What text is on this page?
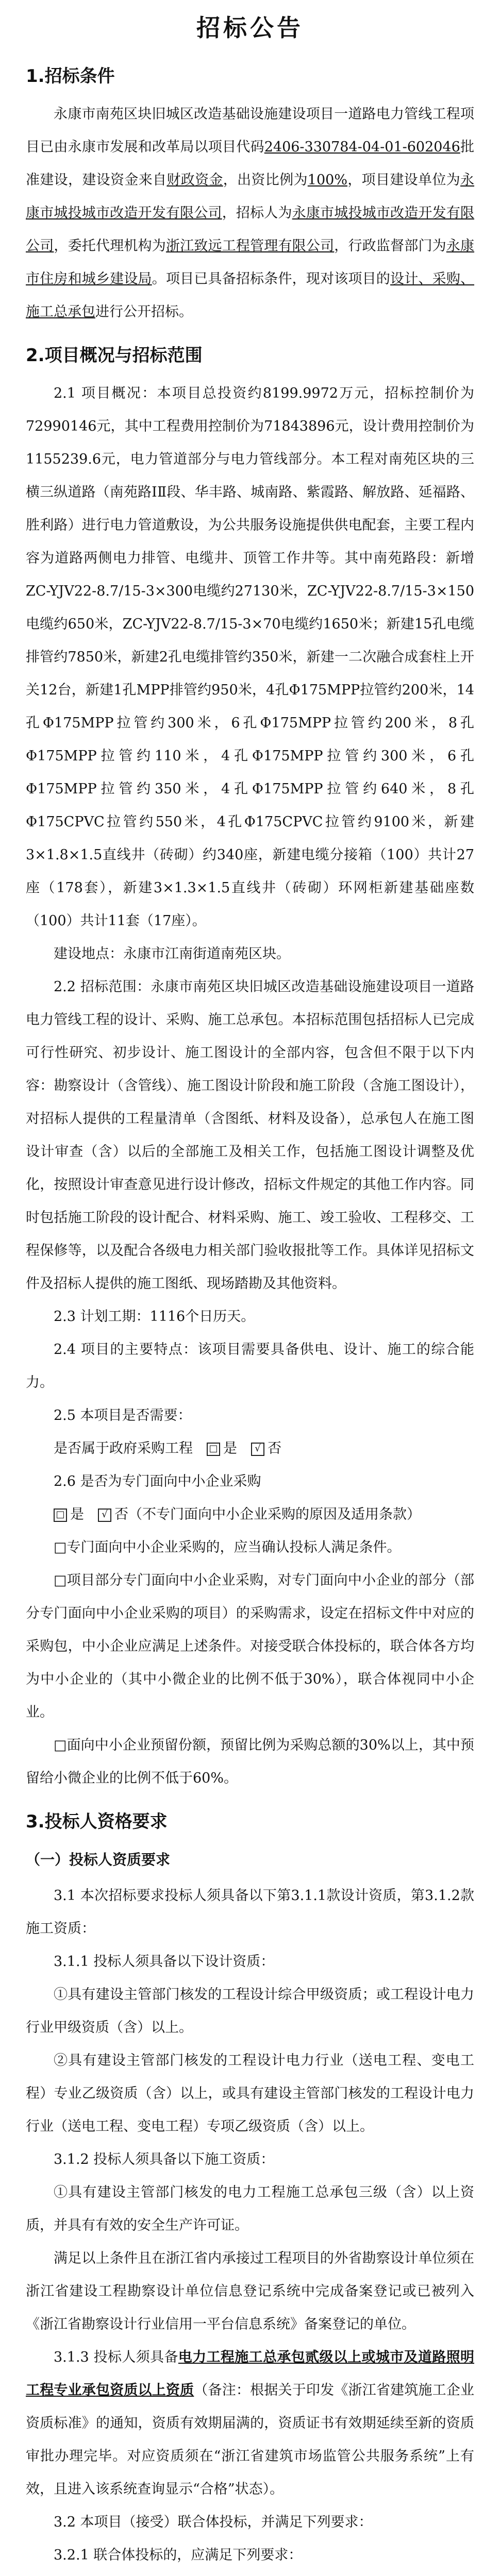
招标公告
1.招标条件

永康市南苑区块旧城区改造基础设施建设项目一道路电力管线工程项目已由永康市发展和改革局以项目代码2406-330784-04-01-602046批准建设，建设资金来自财政资金，出资比例为100%，项目建设单位为永康市城投城市改造开发有限公司，招标人为永康市城投城市改造开发有限公司，委托代理机构为浙江致远工程管理有限公司，行政监督部门为永康市住房和城乡建设局。项目已具备招标条件，现对该项目的设计、采购、施工总承包进行公开招标。

2.项目概况与招标范围

2.1 项目概况：本项目总投资约8199.9972万元，招标控制价为72990146元，其中工程费用控制价为71843896元，设计费用控制价为1155239.6元，电力管道部分与电力管线部分。本工程对南苑区块的三横三纵道路（南苑路ⅠⅡ段、华丰路、城南路、紫霞路、解放路、延福路、胜利路）进行电力管道敷设，为公共服务设施提供供电配套，主要工程内容为道路两侧电力排管、电缆井、顶管工作井等。其中南苑路段：新增ZC-YJV22-8.7/15-3×300电缆约27130米，ZC-YJV22-8.7/15-3×150电缆约650米，ZC-YJV22-8.7/15-3×70电缆约1650米；新建15孔电缆排管约7850米，新建2孔电缆排管约350米，新建一二次融合成套柱上开关12台，新建1孔MPP排管约950米，4孔Φ175MPP拉管约200米，14孔Φ175MPP拉管约300米，6孔Φ175MPP拉管约200米，8孔Φ175MPP拉管约110米，4孔Φ175MPP拉管约300米，6孔Φ175MPP拉管约350米，4孔Φ175MPP拉管约640米，8孔Φ175CPVC拉管约550米，4孔Φ175CPVC拉管约9100米，新建3×1.8×1.5直线井（砖砌）约340座，新建电缆分接箱（100）共计27座（178套），新建3×1.3×1.5直线井（砖砌）环网柜新建基础座数（100）共计11套（17座）。

建设地点：永康市江南街道南苑区块。

2.2 招标范围：永康市南苑区块旧城区改造基础设施建设项目一道路电力管线工程的设计、采购、施工总承包。本招标范围包括招标人已完成可行性研究、初步设计、施工图设计的全部内容，包含但不限于以下内容：勘察设计（含管线）、施工图设计阶段和施工阶段（含施工图设计），对招标人提供的工程量清单（含图纸、材料及设备），总承包人在施工图设计审查（含）以后的全部施工及相关工作，包括施工图设计调整及优化，按照设计审查意见进行设计修改，招标文件规定的其他工作内容。同时包括施工阶段的设计配合、材料采购、施工、竣工验收、工程移交、工程保修等，以及配合各级电力相关部门验收报批等工作。具体详见招标文件及招标人提供的施工图纸、现场踏勘及其他资料。

2.3 计划工期：1116个日历天。

2.4 项目的主要特点：该项目需要具备供电、设计、施工的综合能力。

2.5 本项目是否需要：

是否属于政府采购工程　 □ 是　 √ 否

2.6 是否为专门面向中小企业采购

□ 是　 √ 否（不专门面向中小企业采购的原因及适用条款）

□专门面向中小企业采购的，应当确认投标人满足条件。

□项目部分专门面向中小企业采购，对专门面向中小企业的部分（部分专门面向中小企业采购的项目）的采购需求，设定在招标文件中对应的采购包，中小企业应满足上述条件。对接受联合体投标的，联合体各方均为中小企业的（其中小微企业的比例不低于30%），联合体视同中小企业。

□面向中小企业预留份额，预留比例为采购总额的30%以上，其中预留给小微企业的比例不低于60%。

3.投标人资格要求
（一）投标人资质要求

3.1 本次招标要求投标人须具备以下第3.1.1款设计资质，第3.1.2款施工资质：

3.1.1 投标人须具备以下设计资质：

①具有建设主管部门核发的工程设计综合甲级资质；或工程设计电力行业甲级资质（含）以上。

②具有建设主管部门核发的工程设计电力行业（送电工程、变电工程）专业乙级资质（含）以上，或具有建设主管部门核发的工程设计电力行业（送电工程、变电工程）专项乙级资质（含）以上。

3.1.2 投标人须具备以下施工资质：

①具有建设主管部门核发的电力工程施工总承包三级（含）以上资质，并具有有效的安全生产许可证。

满足以上条件且在浙江省内承接过工程项目的外省勘察设计单位须在浙江省建设工程勘察设计单位信息登记系统中完成备案登记或已被列入《浙江省勘察设计行业信用一平台信息系统》备案登记的单位。

3.1.3 投标人须具备电力工程施工总承包贰级以上或城市及道路照明工程专业承包资质以上资质（备注：根据关于印发《浙江省建筑施工企业资质标准》的通知，资质有效期届满的，资质证书有效期延续至新的资质审批办理完毕。对应资质须在“浙江省建筑市场监管公共服务系统”上有效，且进入该系统查询显示“合格”状态）。

3.2 本项目（接受）联合体投标，并满足下列要求：

3.2.1 联合体投标的，应满足下列要求：
